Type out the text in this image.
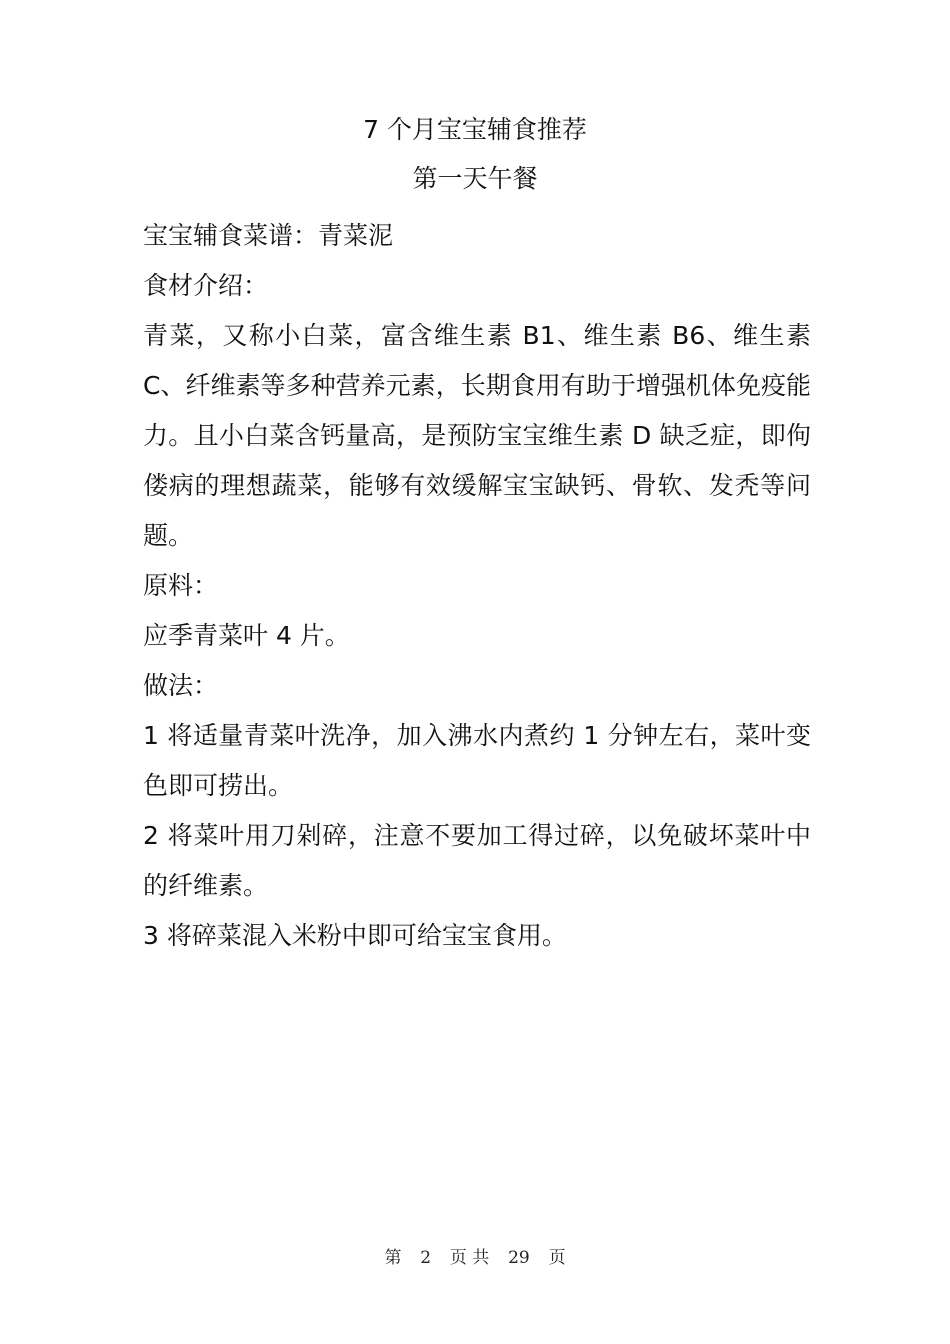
7 个月宝宝辅食推荐
第一天午餐

宝宝辅食菜谱：青菜泥

食材介绍：

青菜，又称小白菜，富含维生素 B1、维生素 B6、维生素 C、纤维素等多种营养元素，长期食用有助于增强机体免疫能力。且小白菜含钙量高，是预防宝宝维生素 D 缺乏症，即佝偻病的理想蔬菜，能够有效缓解宝宝缺钙、骨软、发秃等问题。

原料：

应季青菜叶 4 片。

做法：

1 将适量青菜叶洗净，加入沸水内煮约 1 分钟左右，菜叶变色即可捞出。

2 将菜叶用刀剁碎，注意不要加工得过碎，以免破坏菜叶中的纤维素。

3 将碎菜混入米粉中即可给宝宝食用。

第 2 页 共 29 页
